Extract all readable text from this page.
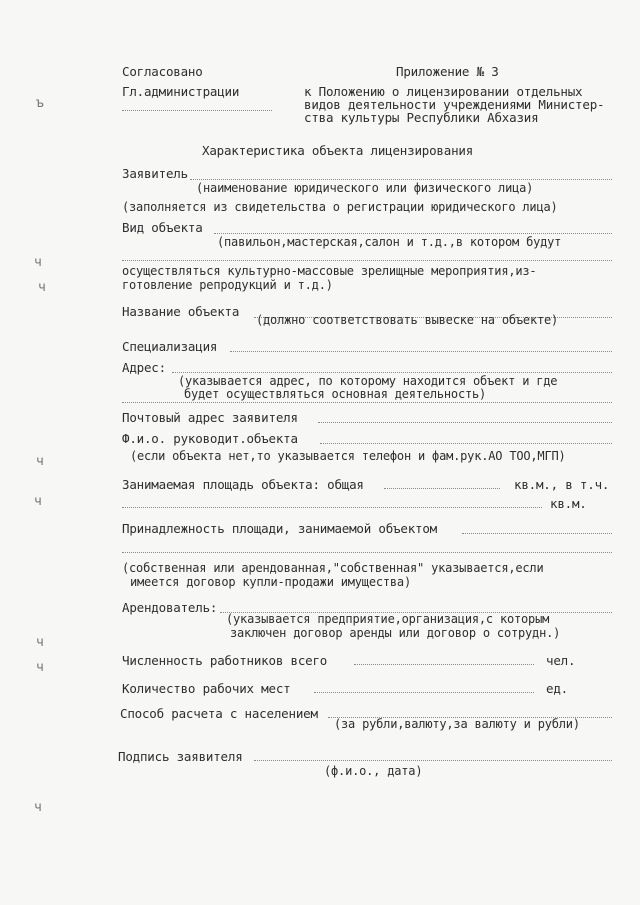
Согласовано
Гл.администрации
Приложение № 3
к Положению о лицензировании отдельных
видов деятельности учреждениями Министер-
ства культуры Республики Абхазия
Характеристика объекта лицензирования
Заявитель
(наименование юридического или физического лица)
(заполняется из свидетельства о регистрации юридического лица)
Вид объекта
(павильон,мастерская,салон и т.д.,в котором будут
осуществляться культурно-массовые зрелищные мероприятия,из-
готовление репродукций и т.д.)
Название объекта
(должно соответствовать вывеске на объекте)
Специализация
Адрес:
(указывается адрес, по которому находится объект и где
будет осуществляться основная деятельность)
Почтовый адрес заявителя
Ф.и.о. руководит.объекта
(если объекта нет,то указывается телефон и фам.рук.АО ТОО,МГП)
Занимаемая площадь объекта: общая	кв.м., в т.ч.
кв.м.
Принадлежность площади, занимаемой объектом
(собственная или арендованная,"собственная" указывается,если
имеется договор купли-продажи имущества)
Арендователь:
(указывается предприятие,организация,с которым
заключен договор аренды или договор о сотрудн.)
Численность работников всего	чел.
Количество рабочих мест	ед.
Способ расчета с населением
(за рубли,валюту,за валюту и рубли)
Подпись заявителя
(ф.и.о., дата)
ъ
ч
ч
ч
ч
ч
ч
ч
